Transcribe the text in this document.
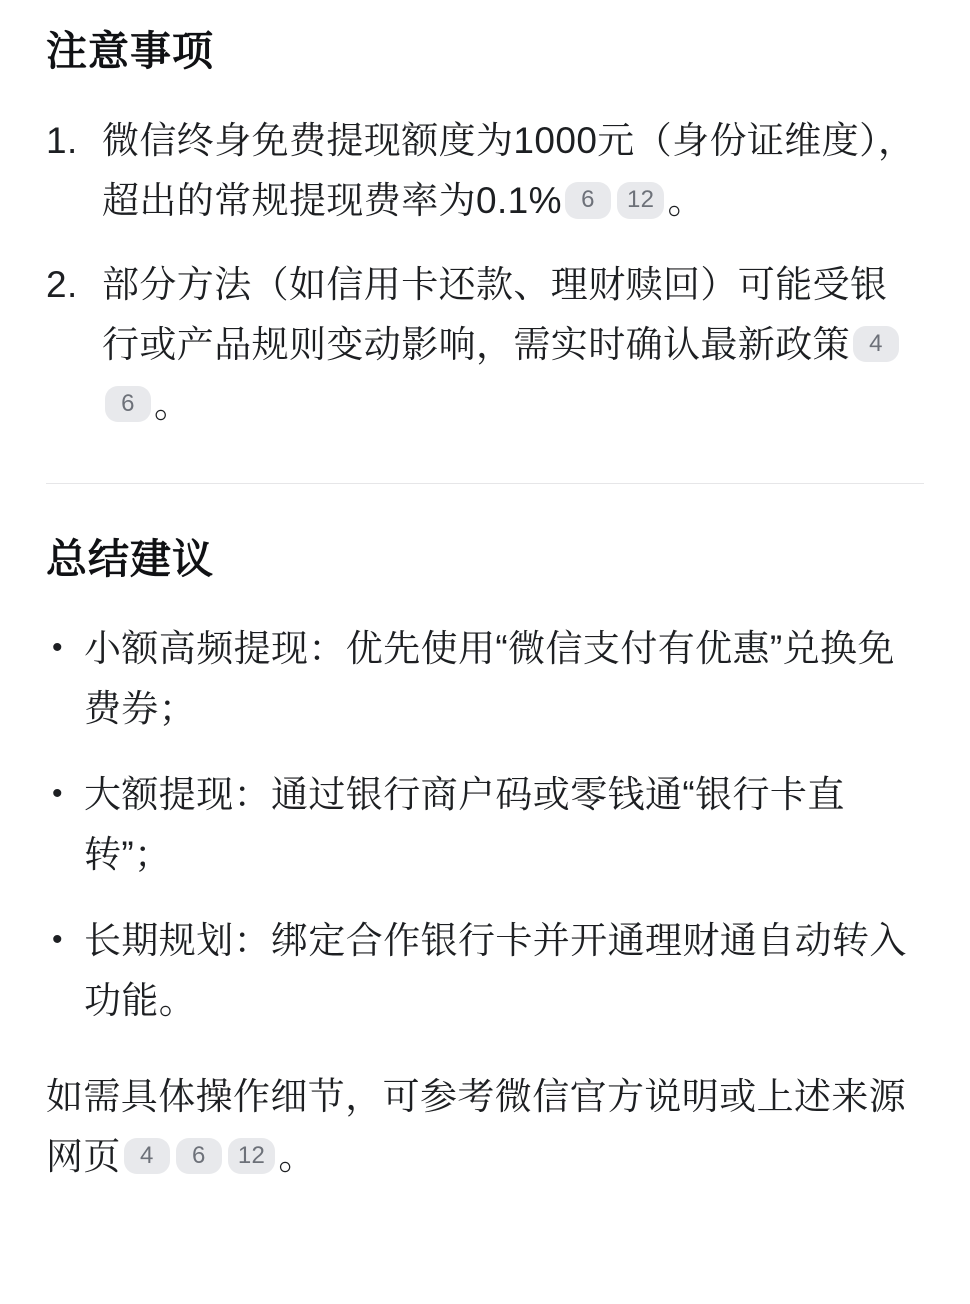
注意事项
1. 微信终身免费提现额度为1000元（身份证维度），超出的常规提现费率为0.1% 6 12 。
2. 部分方法（如信用卡还款、理财赎回）可能受银行或产品规则变动影响，需实时确认最新政策 46 。
总结建议
• 小额高频提现：优先使用“微信支付有优惠”兑换免费券；
• 大额提现：通过银行商户码或零钱通“银行卡直转”；
• 长期规划：绑定合作银行卡并开通理财通自动转入功能。

如需具体操作细节，可参考微信官方说明或上述来源网页 4 6 12 。
